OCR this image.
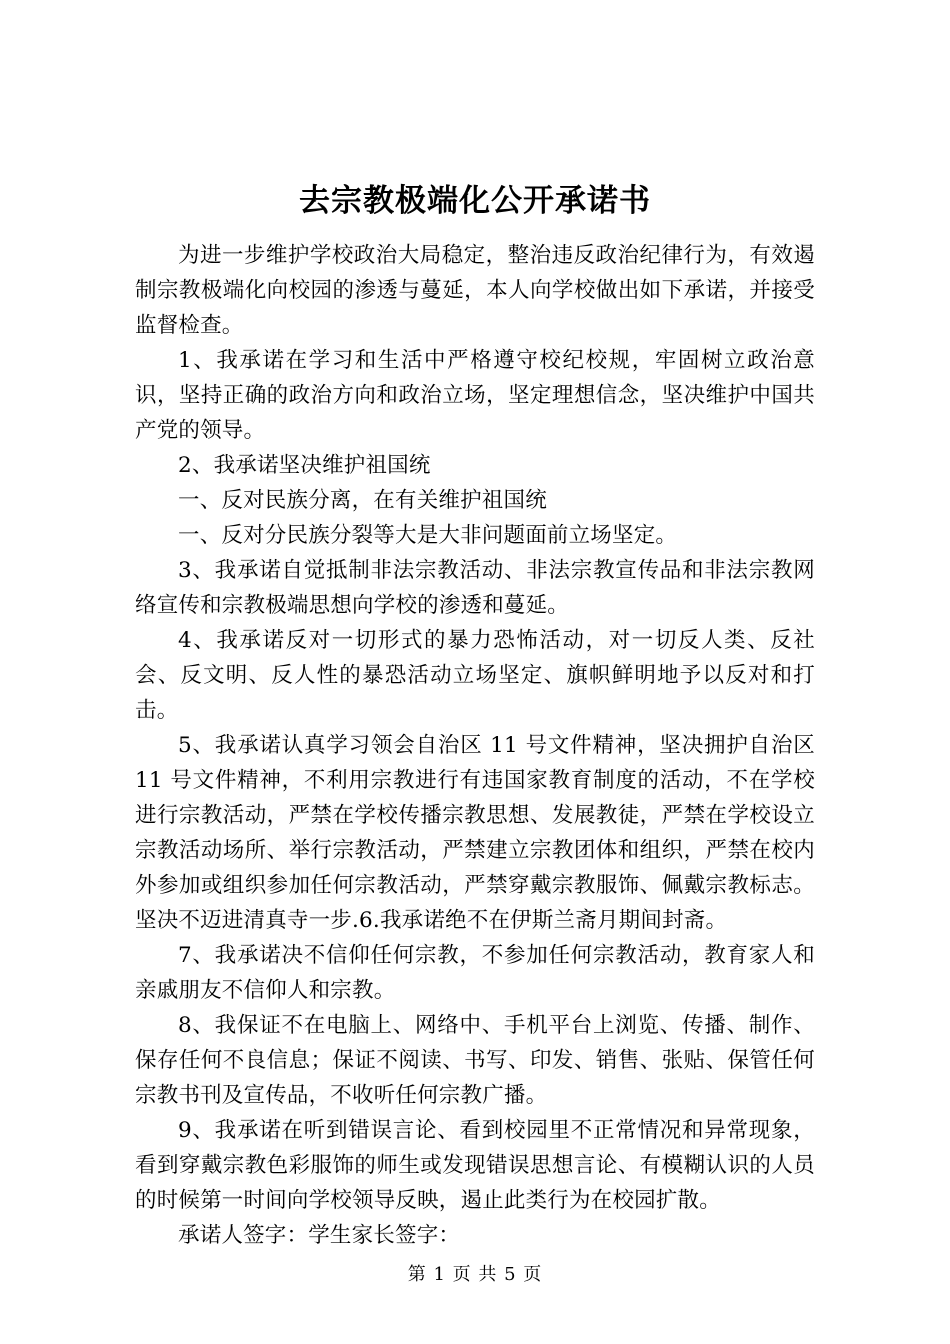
去宗教极端化公开承诺书

为进一步维护学校政治大局稳定，整治违反政治纪律行为，有效遏制宗教极端化向校园的渗透与蔓延，本人向学校做出如下承诺，并接受监督检查。

1、我承诺在学习和生活中严格遵守校纪校规，牢固树立政治意识，坚持正确的政治方向和政治立场，坚定理想信念，坚决维护中国共产党的领导。

2、我承诺坚决维护祖国统

一、反对民族分离，在有关维护祖国统

一、反对分民族分裂等大是大非问题面前立场坚定。

3、我承诺自觉抵制非法宗教活动、非法宗教宣传品和非法宗教网络宣传和宗教极端思想向学校的渗透和蔓延。

4、我承诺反对一切形式的暴力恐怖活动，对一切反人类、反社会、反文明、反人性的暴恐活动立场坚定、旗帜鲜明地予以反对和打击。

5、我承诺认真学习领会自治区 11 号文件精神，坚决拥护自治区 11 号文件精神，不利用宗教进行有违国家教育制度的活动，不在学校进行宗教活动，严禁在学校传播宗教思想、发展教徒，严禁在学校设立宗教活动场所、举行宗教活动，严禁建立宗教团体和组织，严禁在校内外参加或组织参加任何宗教活动，严禁穿戴宗教服饰、佩戴宗教标志。坚决不迈进清真寺一步.6.我承诺绝不在伊斯兰斋月期间封斋。

7、我承诺决不信仰任何宗教，不参加任何宗教活动，教育家人和亲戚朋友不信仰人和宗教。

8、我保证不在电脑上、网络中、手机平台上浏览、传播、制作、保存任何不良信息；保证不阅读、书写、印发、销售、张贴、保管任何宗教书刊及宣传品，不收听任何宗教广播。

9、我承诺在听到错误言论、看到校园里不正常情况和异常现象，看到穿戴宗教色彩服饰的师生或发现错误思想言论、有模糊认识的人员的时候第一时间向学校领导反映，遏止此类行为在校园扩散。

承诺人签字：学生家长签字：

第 1 页 共 5 页
